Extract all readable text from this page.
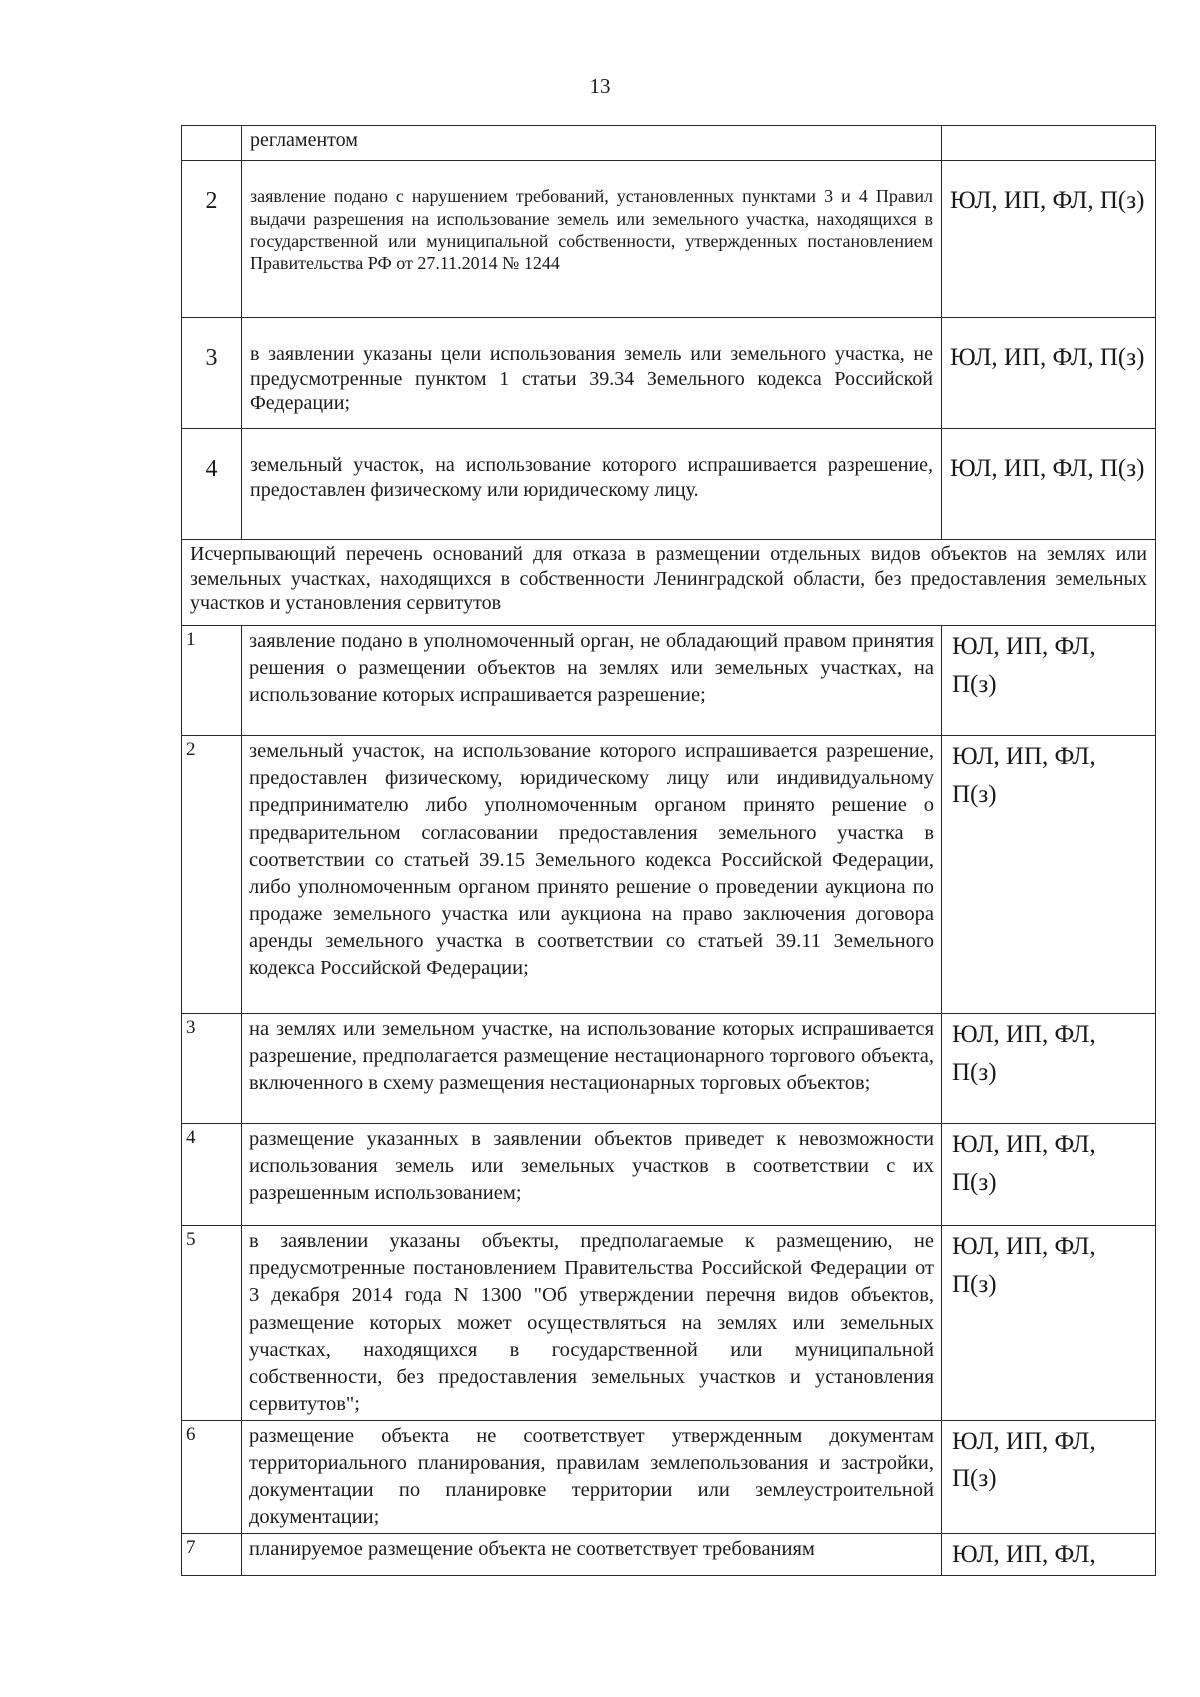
13
	регламентом	
2	заявление подано с нарушением требований, установленных пунктами 3 и 4 Правил выдачи разрешения на использование земель или земельного участка, находящихся в государственной или муниципальной собственности, утвержденных постановлением Правительства РФ от 27.11.2014 № 1244	ЮЛ, ИП, ФЛ, П(з)
3	в заявлении указаны цели использования земель или земельного участка, не предусмотренные пунктом 1 статьи 39.34 Земельного кодекса Российской Федерации;	ЮЛ, ИП, ФЛ, П(з)
4	земельный участок, на использование которого испрашивается разрешение, предоставлен физическому или юридическому лицу.	ЮЛ, ИП, ФЛ, П(з)
Исчерпывающий перечень оснований для отказа в размещении отдельных видов объектов на землях или земельных участках, находящихся в собственности Ленинградской области, без предоставления земельных участков и установления сервитутов		
1	заявление подано в уполномоченный орган, не обладающий правом принятия решения о размещении объектов на землях или земельных участках, на использование которых испрашивается разрешение;	ЮЛ, ИП, ФЛ, П(з)
2	земельный участок, на использование которого испрашивается разрешение, предоставлен физическому, юридическому лицу или индивидуальному предпринимателю либо уполномоченным органом принято решение о предварительном согласовании предоставления земельного участка в соответствии со статьей 39.15 Земельного кодекса Российской Федерации, либо уполномоченным органом принято решение о проведении аукциона по продаже земельного участка или аукциона на право заключения договора аренды земельного участка в соответствии со статьей 39.11 Земельного кодекса Российской Федерации;	ЮЛ, ИП, ФЛ, П(з)
3	на землях или земельном участке, на использование которых испрашивается разрешение, предполагается размещение нестационарного торгового объекта, включенного в схему размещения нестационарных торговых объектов;	ЮЛ, ИП, ФЛ, П(з)
4	размещение указанных в заявлении объектов приведет к невозможности использования земель или земельных участков в соответствии с их разрешенным использованием;	ЮЛ, ИП, ФЛ, П(з)
5	в заявлении указаны объекты, предполагаемые к размещению, не предусмотренные постановлением Правительства Российской Федерации от 3 декабря 2014 года N 1300 "Об утверждении перечня видов объектов, размещение которых может осуществляться на землях или земельных участках, находящихся в государственной или муниципальной собственности, без предоставления земельных участков и установления сервитутов";	ЮЛ, ИП, ФЛ, П(з)
6	размещение объекта не соответствует утвержденным документам территориального планирования, правилам землепользования и застройки, документации по планировке территории или землеустроительной документации;	ЮЛ, ИП, ФЛ, П(з)
7	планируемое размещение объекта не соответствует требованиям	ЮЛ, ИП, ФЛ,
